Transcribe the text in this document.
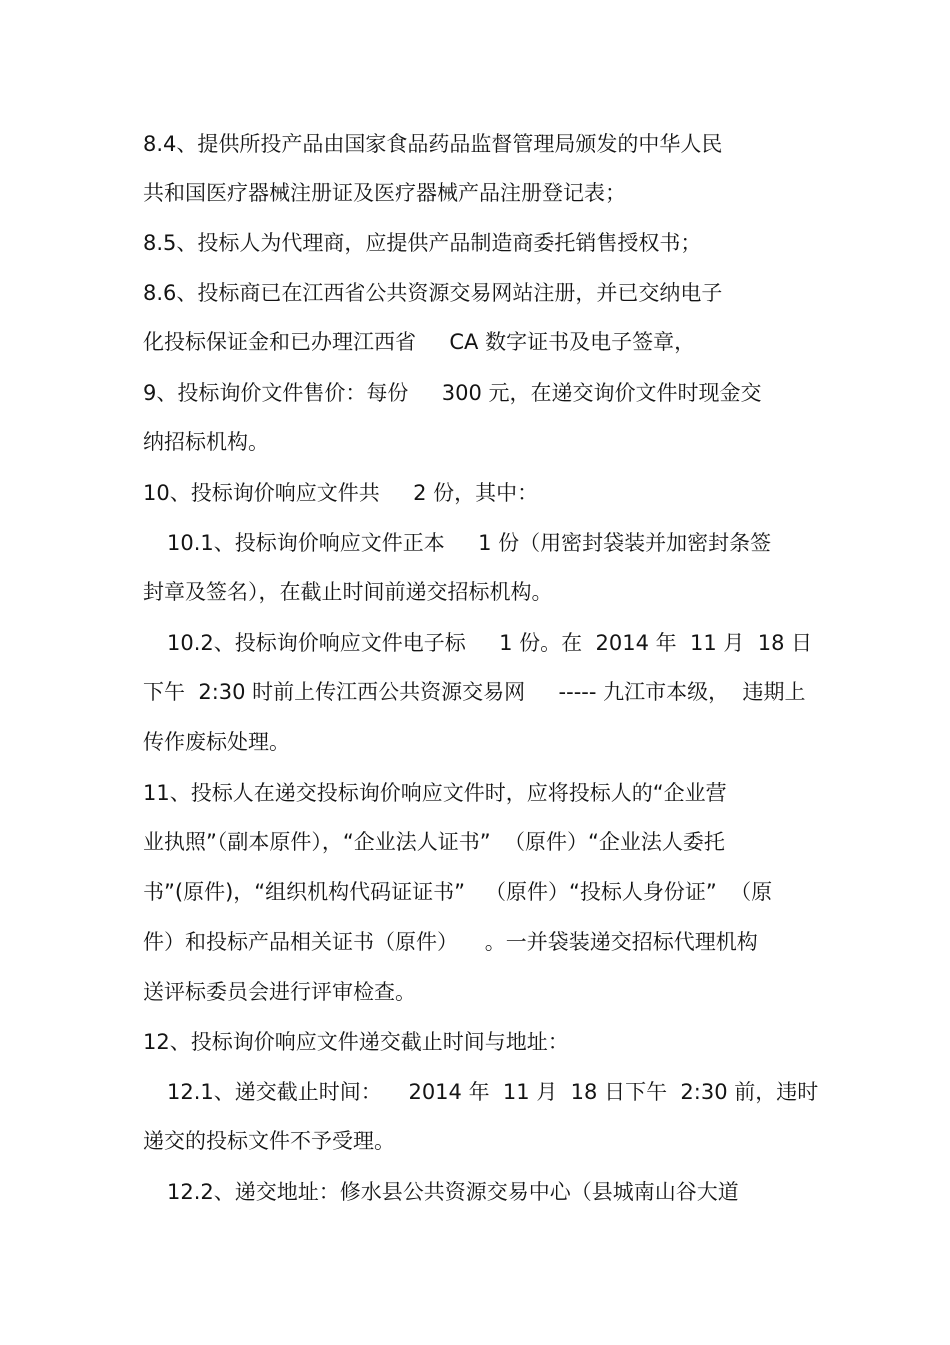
8.4、提供所投产品由国家食品药品监督管理局颁发的中华人民
共和国医疗器械注册证及医疗器械产品注册登记表；
8.5、投标人为代理商，应提供产品制造商委托销售授权书；
8.6、投标商已在江西省公共资源交易网站注册，并已交纳电子
化投标保证金和已办理江西省     CA 数字证书及电子签章，
9、投标询价文件售价：每份     300 元，在递交询价文件时现金交
纳招标机构。
10、投标询价响应文件共     2 份，其中：
10.1、投标询价响应文件正本     1 份（用密封袋装并加密封条签
封章及签名），在截止时间前递交招标机构。
10.2、投标询价响应文件电子标     1 份。在  2014 年  11 月  18 日
下午  2:30 时前上传江西公共资源交易网     ----- 九江市本级，  违期上
传作废标处理。
11、投标人在递交投标询价响应文件时，应将投标人的“企业营
业执照”（副本原件），“企业法人证书”  （原件）“企业法人委托
书”(原件)，“组织机构代码证证书”   （原件）“投标人身份证”  （原
件）和投标产品相关证书（原件）    。一并袋装递交招标代理机构
送评标委员会进行评审检查。
12、投标询价响应文件递交截止时间与地址：
12.1、递交截止时间：    2014 年  11 月  18 日下午  2:30 前，违时
递交的投标文件不予受理。
12.2、递交地址：修水县公共资源交易中心（县城南山谷大道
